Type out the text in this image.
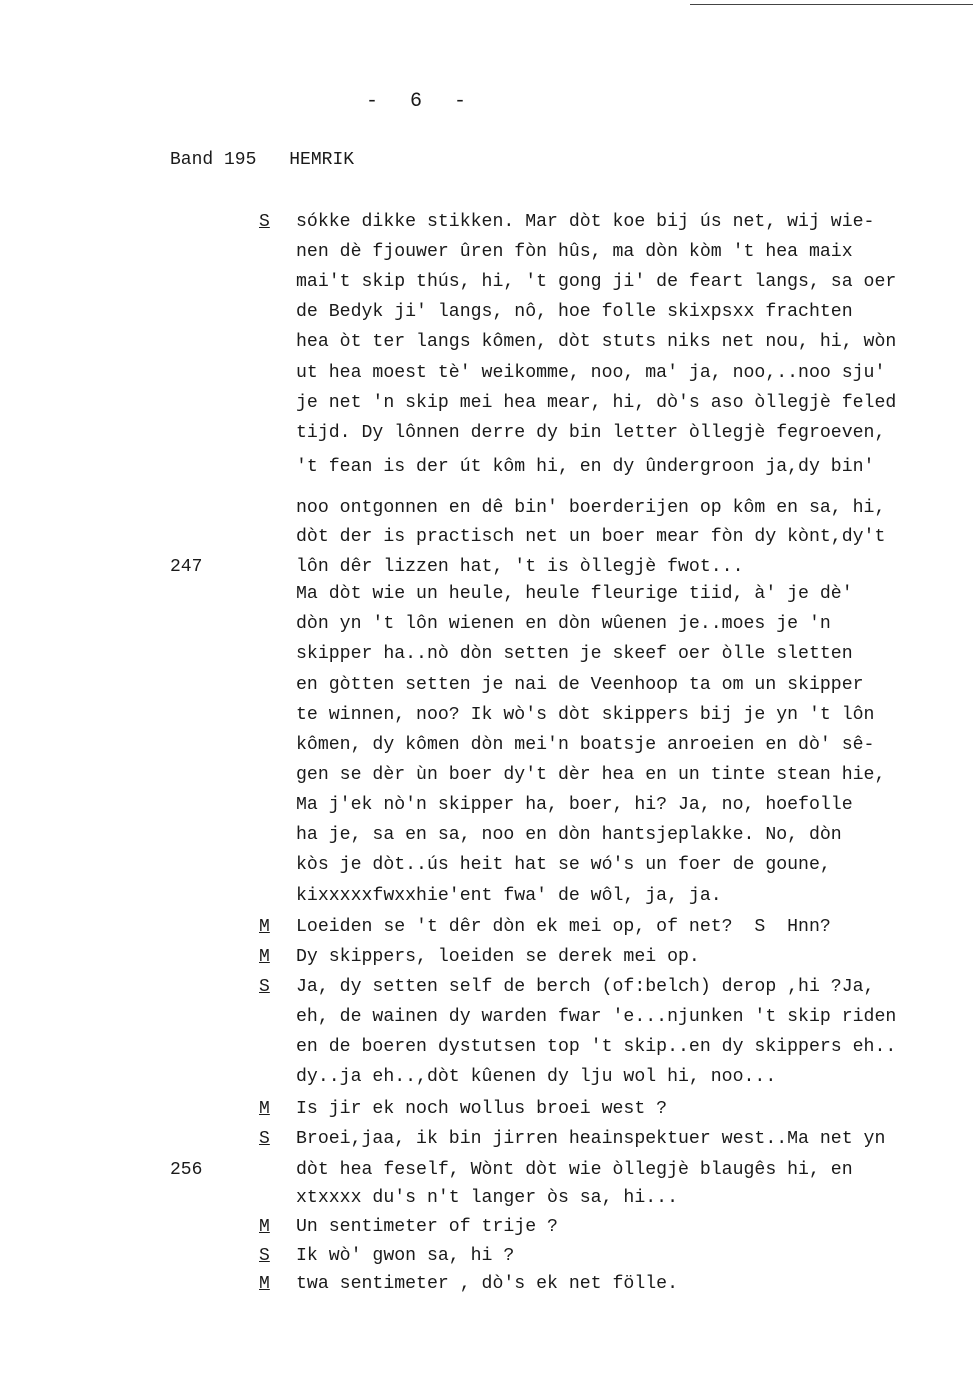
- 6 -
Band 195 HEMRIK
S
M
M
S
M
S
M
S
M
247
256
sókke dikke stikken. Mar dòt koe bij ús net, wij wie-
nen dè fjouwer ûren fòn hûs, ma dòn kòm 't hea maix
mai't skip thús, hi, 't gong ji' de feart langs, sa oer
de Bedyk ji' langs, nô, hoe folle skixpsxx frachten
hea òt ter langs kômen, dòt stuts niks net nou, hi, wòn
ut hea moest tè' weikomme, noo, ma' ja, noo,..noo sju'
je net 'n skip mei hea mear, hi, dò's aso òllegjè feled
tijd. Dy lônnen derre dy bin letter òllegjè fegroeven,
't fean is der út kôm hi, en dy ûndergroon ja,dy bin'
noo ontgonnen en dê bin' boerderijen op kôm en sa, hi,
dòt der is practisch net un boer mear fòn dy kònt,dy't
lôn dêr lizzen hat, 't is òllegjè fwot...
Ma dòt wie un heule, heule fleurige tiid, à' je dè'
dòn yn 't lôn wienen en dòn wûenen je..moes je 'n
skipper ha..nò dòn setten je skeef oer òlle sletten
en gòtten setten je nai de Veenhoop ta om un skipper
te winnen, noo? Ik wò's dòt skippers bij je yn 't lôn
kômen, dy kômen dòn mei'n boatsje anroeien en dò' sê-
gen se dèr ùn boer dy't dèr hea en un tinte stean hie,
Ma j'ek nò'n skipper ha, boer, hi? Ja, no, hoefolle
ha je, sa en sa, noo en dòn hantsjeplakke. No, dòn
kòs je dòt..ús heit hat se wó's un foer de goune,
kixxxxxfwxxhie'ent fwa' de wôl, ja, ja.
Loeiden se 't dêr dòn ek mei op, of net?  S  Hnn?
Dy skippers, loeiden se derek mei op.
Ja, dy setten self de berch (of:belch) derop ,hi ?Ja,
eh, de wainen dy warden fwar 'e...njunken 't skip riden
en de boeren dystutsen top 't skip..en dy skippers eh..
dy..ja eh..,dòt kûenen dy lju wol hi, noo...
Is jir ek noch wollus broei west ?
Broei,jaa, ik bin jirren heainspektuer west..Ma net yn
dòt hea feself, Wònt dòt wie òllegjè blaugês hi, en
xtxxxx du's n't langer òs sa, hi...
Un sentimeter of trije ?
Ik wò' gwon sa, hi ?
twa sentimeter , dò's ek net fölle.
